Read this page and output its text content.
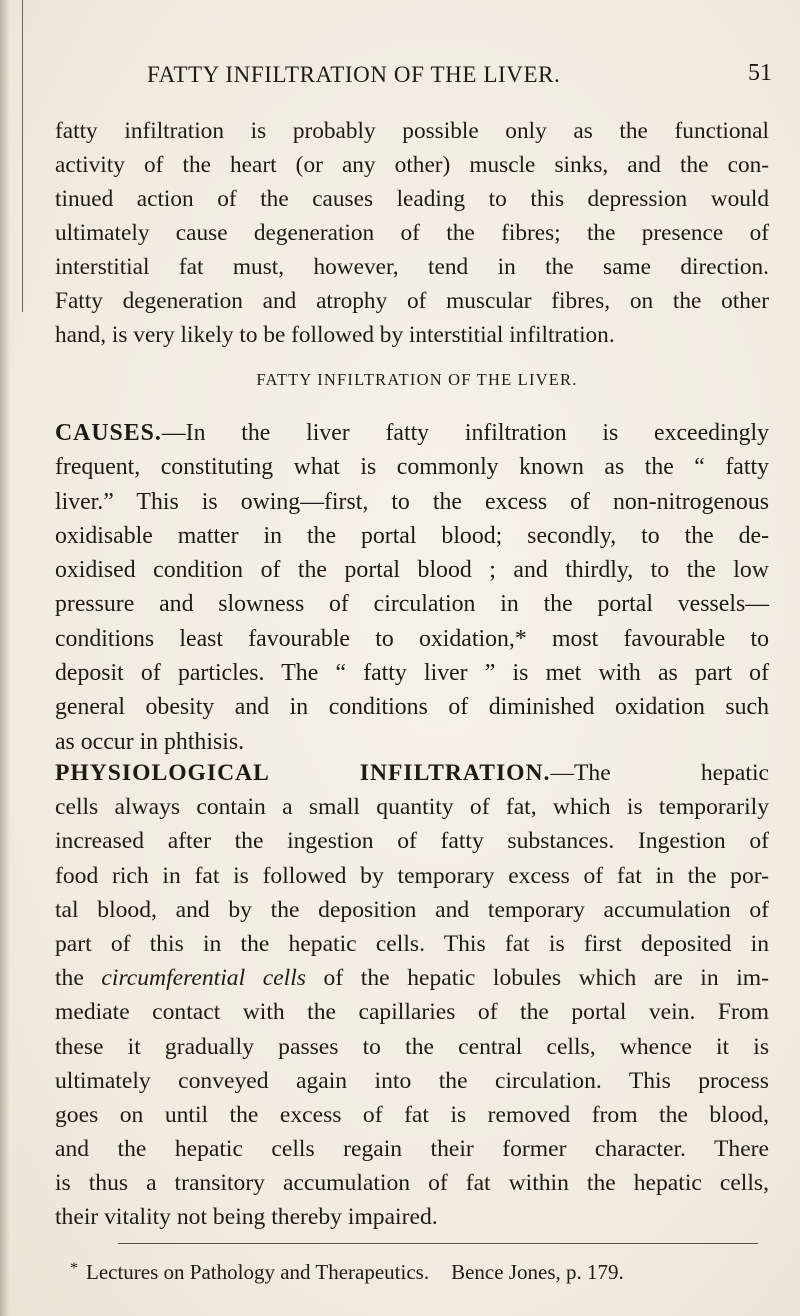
FATTY INFILTRATION OF THE LIVER.	51
fatty infiltration is probably possible only as the functional
activity of the heart (or any other) muscle sinks, and the con-
tinued action of the causes leading to this depression would
ultimately cause degeneration of the fibres; the presence of
interstitial fat must, however, tend in the same direction.
Fatty degeneration and atrophy of muscular fibres, on the other
hand, is very likely to be followed by interstitial infiltration.
FATTY INFILTRATION OF THE LIVER.
CAUSES.—In the liver fatty infiltration is exceedingly
frequent, constituting what is commonly known as the “ fatty
liver.” This is owing—first, to the excess of non-nitrogenous
oxidisable matter in the portal blood; secondly, to the de-
oxidised condition of the portal blood ; and thirdly, to the low
pressure and slowness of circulation in the portal vessels—
conditions least favourable to oxidation,* most favourable to
deposit of particles. The “ fatty liver ” is met with as part of
general obesity and in conditions of diminished oxidation such
as occur in phthisis.
PHYSIOLOGICAL INFILTRATION.—The hepatic
cells always contain a small quantity of fat, which is temporarily
increased after the ingestion of fatty substances. Ingestion of
food rich in fat is followed by temporary excess of fat in the por-
tal blood, and by the deposition and temporary accumulation of
part of this in the hepatic cells. This fat is first deposited in
the circumferential cells of the hepatic lobules which are in im-
mediate contact with the capillaries of the portal vein. From
these it gradually passes to the central cells, whence it is
ultimately conveyed again into the circulation. This process
goes on until the excess of fat is removed from the blood,
and the hepatic cells regain their former character. There
is thus a transitory accumulation of fat within the hepatic cells,
their vitality not being thereby impaired.
* Lectures on Pathology and Therapeutics. Bence Jones, p. 179.
